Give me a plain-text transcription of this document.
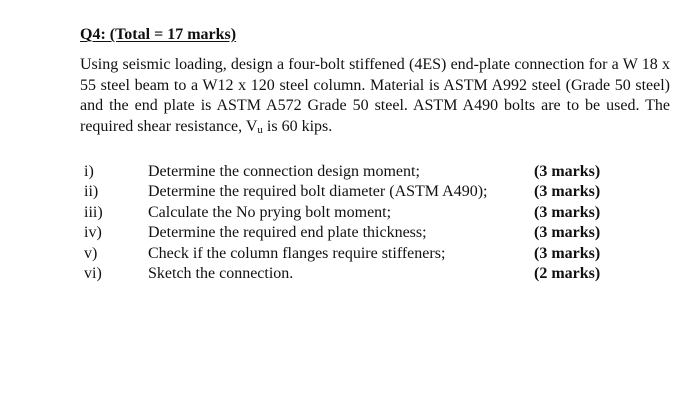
Q4: (Total = 17 marks)

Using seismic loading, design a four-bolt stiffened (4ES) end-plate connection for a W 18 x 55 steel beam to a W12 x 120 steel column. Material is ASTM A992 steel (Grade 50 steel) and the end plate is ASTM A572 Grade 50 steel. ASTM A490 bolts are to be used. The required shear resistance, $V_u$ is 60 kips.

i)	Determine the connection design moment;	(3 marks)
ii)	Determine the required bolt diameter (ASTM A490);	(3 marks)
iii)	Calculate the No prying bolt moment;	(3 marks)
iv)	Determine the required end plate thickness;	(3 marks)
v)	Check if the column flanges require stiffeners;	(3 marks)
vi)	Sketch the connection.	(2 marks)
